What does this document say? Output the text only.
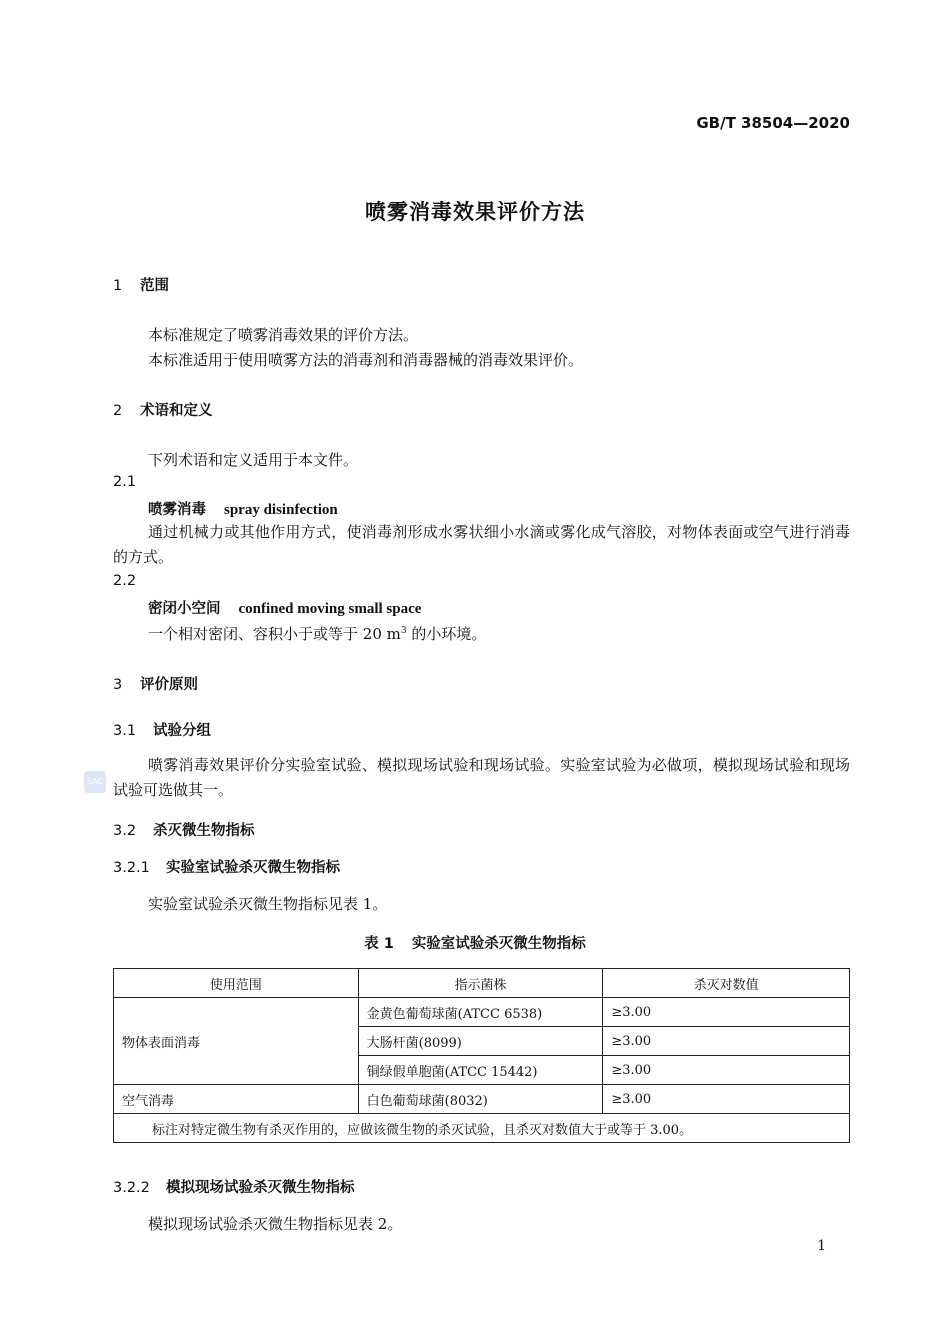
GB/T 38504—2020
喷雾消毒效果评价方法
1 范围
本标准规定了喷雾消毒效果的评价方法。
本标准适用于使用喷雾方法的消毒剂和消毒器械的消毒效果评价。
2 术语和定义
下列术语和定义适用于本文件。
2.1
喷雾消毒 spray disinfection
通过机械力或其他作用方式，使消毒剂形成水雾状细小水滴或雾化成气溶胶，对物体表面或空气进行消毒的方式。
2.2
密闭小空间 confined moving small space
一个相对密闭、容积小于或等于 20 $m^3$ 的小环境。
3 评价原则
3.1 试验分组
SAC
喷雾消毒效果评价分实验室试验、模拟现场试验和现场试验。实验室试验为必做项，模拟现场试验和现场试验可选做其一。
3.2 杀灭微生物指标
3.2.1 实验室试验杀灭微生物指标
实验室试验杀灭微生物指标见表 1。
表 1 实验室试验杀灭微生物指标
使用范围	指示菌株	杀灭对数值
物体表面消毒	金黄色葡萄球菌(ATCC 6538)	≥3.00
	大肠杆菌(8099)	≥3.00
	铜绿假单胞菌(ATCC 15442)	≥3.00
空气消毒	白色葡萄球菌(8032)	≥3.00
标注对特定微生物有杀灭作用的，应做该微生物的杀灭试验，且杀灭对数值大于或等于 3.00。		
3.2.2 模拟现场试验杀灭微生物指标
模拟现场试验杀灭微生物指标见表 2。
1
